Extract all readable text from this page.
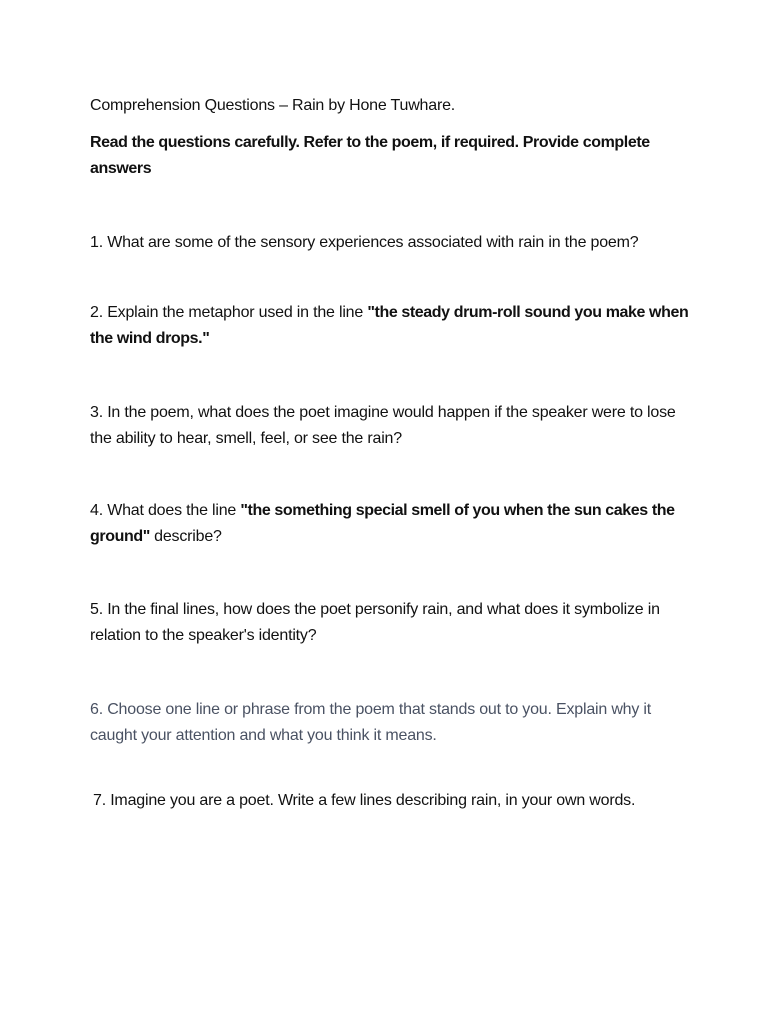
Comprehension Questions – Rain by Hone Tuwhare.
Read the questions carefully. Refer to the poem, if required. Provide complete answers
1. What are some of the sensory experiences associated with rain in the poem?
2. Explain the metaphor used in the line "the steady drum-roll sound you make when the wind drops."
3. In the poem, what does the poet imagine would happen if the speaker were to lose the ability to hear, smell, feel, or see the rain?
4. What does the line "the something special smell of you when the sun cakes the ground" describe?
5. In the final lines, how does the poet personify rain, and what does it symbolize in relation to the speaker's identity?
6. Choose one line or phrase from the poem that stands out to you. Explain why it caught your attention and what you think it means.
7. Imagine you are a poet. Write a few lines describing rain, in your own words.
